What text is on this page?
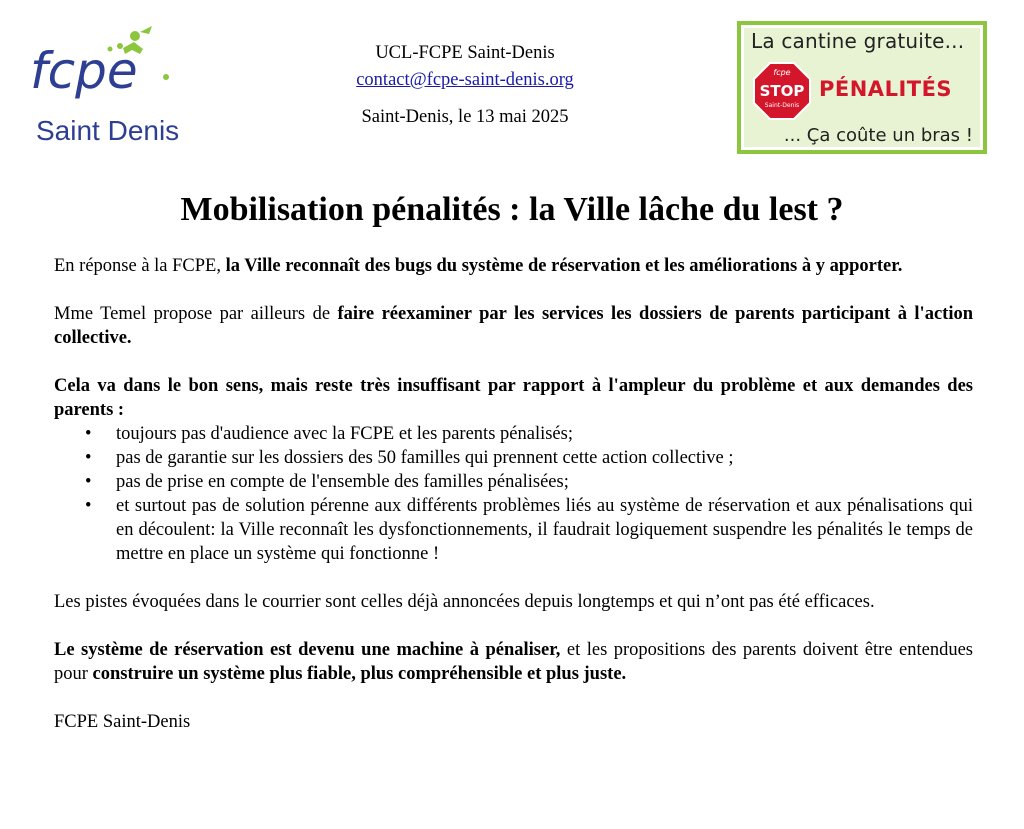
fcpe
Saint Denis
UCL-FCPE Saint-Denis
contact@fcpe-saint-denis.org
Saint-Denis, le 13 mai 2025
La cantine gratuite...
fcpe
STOP
Saint-Denis
PÉNALITÉS
... Ça coûte un bras !
Mobilisation pénalités : la Ville lâche du lest ?

En réponse à la FCPE, la Ville reconnaît des bugs du système de réservation et les améliorations à y apporter.

Mme Temel propose par ailleurs de faire réexaminer par les services les dossiers de parents participant à l'action collective.

Cela va dans le bon sens, mais reste très insuffisant par rapport à l'ampleur du problème et aux demandes des parents :

• toujours pas d'audience avec la FCPE et les parents pénalisés;
• pas de garantie sur les dossiers des 50 familles qui prennent cette action collective ;
• pas de prise en compte de l'ensemble des familles pénalisées;
• et surtout pas de solution pérenne aux différents problèmes liés au système de réservation et aux pénalisations qui en découlent: la Ville reconnaît les dysfonctionnements, il faudrait logiquement suspendre les pénalités le temps de mettre en place un système qui fonctionne !

Les pistes évoquées dans le courrier sont celles déjà annoncées depuis longtemps et qui n’ont pas été efficaces.

Le système de réservation est devenu une machine à pénaliser, et les propositions des parents doivent être entendues pour construire un système plus fiable, plus compréhensible et plus juste.

FCPE Saint-Denis
